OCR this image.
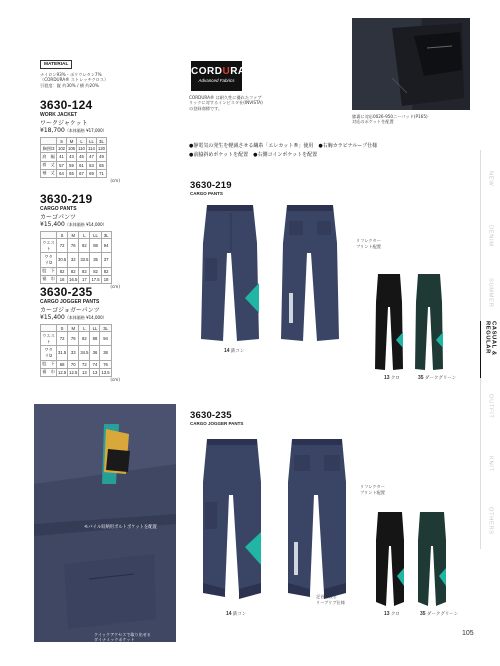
MATERIAL
ナイロン93%・ポリウレタン7%
（CORDURA® ストレッチクロス）
引裂度：縦 約30% / 横 約20%
CORDURA
Advanced Fabrics
CORDURA® は耐久性に優れたファブ
リックに対するインビスタ社(INVISTA)
の登録商標です。
膝裏に対応0026-950ニーパッド(P165)
対応のポケットを配置
3630-124
WORK JACKET
ワークジャケット
¥18,700（本体価格 ¥17,000）
	S	M	L	LL	3L
胸囲/3	102	106	110	114	120
肩　幅	41	43	45	47	49
着　丈	57	59	61	63	65
袖　丈	64	65	67	69	71
(cm)
3630-219
CARGO PANTS
カーゴパンツ
¥15,400（本体価格 ¥14,000）
	S	M	L	LL	3L
ウエスト	72	76	82	88	94
ワタリ/2	30.5	32	33.5	35	37
股　下	82	82	82	82	82
裾　巾	16	16.5	17	17.5	18
(cm)
3630-235
CARGO JOGGER PANTS
カーゴジョガーパンツ
¥15,400（本体価格 ¥14,000）
	S	M	L	LL	3L
ウエスト	72	76	82	88	94
ワタリ/2	31.5	33	34.5	36	38
股　下	68	70	72	74	76
裾　巾	12.5	12.5	13	13	13.5
(cm)
●静電気の発生を軽減させる繊糸「エレカット®」使用　●右胸カラビナループ仕様
●前脇斜めポケットを配置　●右側コインポケットを配置
3630-219
CARGO PANTS
リフレクター
プリント配置
14 鉄コン
13 クロ	35 ダークグリーン
3630-235
CARGO JOGGER PANTS
リフレクター
プリント配置
足首を絞る
リーブリブ仕様
14 鉄コン	13 クロ	35 ダークグリーン
モバイル収納用ポルトポケットを配置
クイックアクセスで取り出せる
ダイナミックポケット
NEW
DENIM
SUMMER
CASUAL & REGULAR
OUTFIT
KNIT
OTHERS
105
